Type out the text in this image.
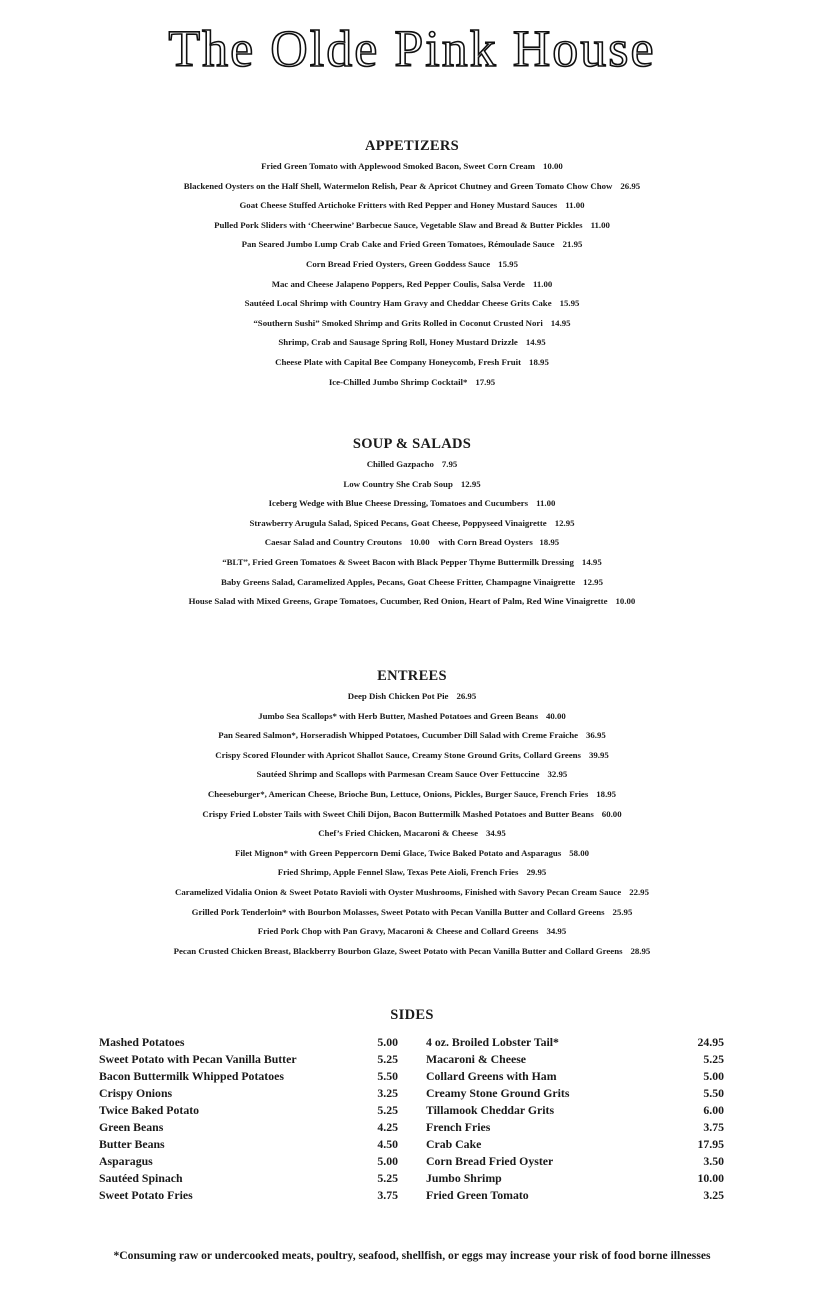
The Olde Pink House
APPETIZERS
Fried Green Tomato with Applewood Smoked Bacon, Sweet Corn Cream 10.00
Blackened Oysters on the Half Shell, Watermelon Relish, Pear & Apricot Chutney and Green Tomato Chow Chow 26.95
Goat Cheese Stuffed Artichoke Fritters with Red Pepper and Honey Mustard Sauces 11.00
Pulled Pork Sliders with ‘Cheerwine’ Barbecue Sauce, Vegetable Slaw and Bread & Butter Pickles 11.00
Pan Seared Jumbo Lump Crab Cake and Fried Green Tomatoes, Rémoulade Sauce 21.95
Corn Bread Fried Oysters, Green Goddess Sauce 15.95
Mac and Cheese Jalapeno Poppers, Red Pepper Coulis, Salsa Verde 11.00
Sautéed Local Shrimp with Country Ham Gravy and Cheddar Cheese Grits Cake 15.95
“Southern Sushi” Smoked Shrimp and Grits Rolled in Coconut Crusted Nori 14.95
Shrimp, Crab and Sausage Spring Roll, Honey Mustard Drizzle 14.95
Cheese Plate with Capital Bee Company Honeycomb, Fresh Fruit 18.95
Ice-Chilled Jumbo Shrimp Cocktail* 17.95
SOUP & SALADS
Chilled Gazpacho 7.95
Low Country She Crab Soup 12.95
Iceberg Wedge with Blue Cheese Dressing, Tomatoes and Cucumbers 11.00
Strawberry Arugula Salad, Spiced Pecans, Goat Cheese, Poppyseed Vinaigrette 12.95
Caesar Salad and Country Croutons 10.00    with Corn Bread Oysters   18.95
“BLT”, Fried Green Tomatoes & Sweet Bacon with Black Pepper Thyme Buttermilk Dressing 14.95
Baby Greens Salad, Caramelized Apples, Pecans, Goat Cheese Fritter, Champagne Vinaigrette 12.95
House Salad with Mixed Greens, Grape Tomatoes, Cucumber, Red Onion, Heart of Palm, Red Wine Vinaigrette 10.00
ENTREES
Deep Dish Chicken Pot Pie 26.95
Jumbo Sea Scallops* with Herb Butter, Mashed Potatoes and Green Beans 40.00
Pan Seared Salmon*, Horseradish Whipped Potatoes, Cucumber Dill Salad with Creme Fraiche 36.95
Crispy Scored Flounder with Apricot Shallot Sauce, Creamy Stone Ground Grits, Collard Greens 39.95
Sautéed Shrimp and Scallops with Parmesan Cream Sauce Over Fettuccine 32.95
Cheeseburger*, American Cheese, Brioche Bun, Lettuce, Onions, Pickles, Burger Sauce, French Fries 18.95
Crispy Fried Lobster Tails with Sweet Chili Dijon, Bacon Buttermilk Mashed Potatoes and Butter Beans 60.00
Chef’s Fried Chicken, Macaroni & Cheese 34.95
Filet Mignon* with Green Peppercorn Demi Glace, Twice Baked Potato and Asparagus 58.00
Fried Shrimp, Apple Fennel Slaw, Texas Pete Aioli, French Fries 29.95
Caramelized Vidalia Onion & Sweet Potato Ravioli with Oyster Mushrooms, Finished with Savory Pecan Cream Sauce 22.95
Grilled Pork Tenderloin* with Bourbon Molasses, Sweet Potato with Pecan Vanilla Butter and Collard Greens 25.95
Fried Pork Chop with Pan Gravy, Macaroni & Cheese and Collard Greens 34.95
Pecan Crusted Chicken Breast, Blackberry Bourbon Glaze, Sweet Potato with Pecan Vanilla Butter and Collard Greens 28.95
SIDES
Mashed Potatoes	5.00
Sweet Potato with Pecan Vanilla Butter	5.25
Bacon Buttermilk Whipped Potatoes	5.50
Crispy Onions	3.25
Twice Baked Potato	5.25
Green Beans	4.25
Butter Beans	4.50
Asparagus	5.00
Sautéed Spinach	5.25
Sweet Potato Fries	3.75
4 oz. Broiled Lobster Tail*	24.95
Macaroni & Cheese	5.25
Collard Greens with Ham	5.00
Creamy Stone Ground Grits	5.50
Tillamook Cheddar Grits	6.00
French Fries	3.75
Crab Cake	17.95
Corn Bread Fried Oyster	3.50
Jumbo Shrimp	10.00
Fried Green Tomato	3.25
*Consuming raw or undercooked meats, poultry, seafood, shellfish, or eggs may increase your risk of food borne illnesses
